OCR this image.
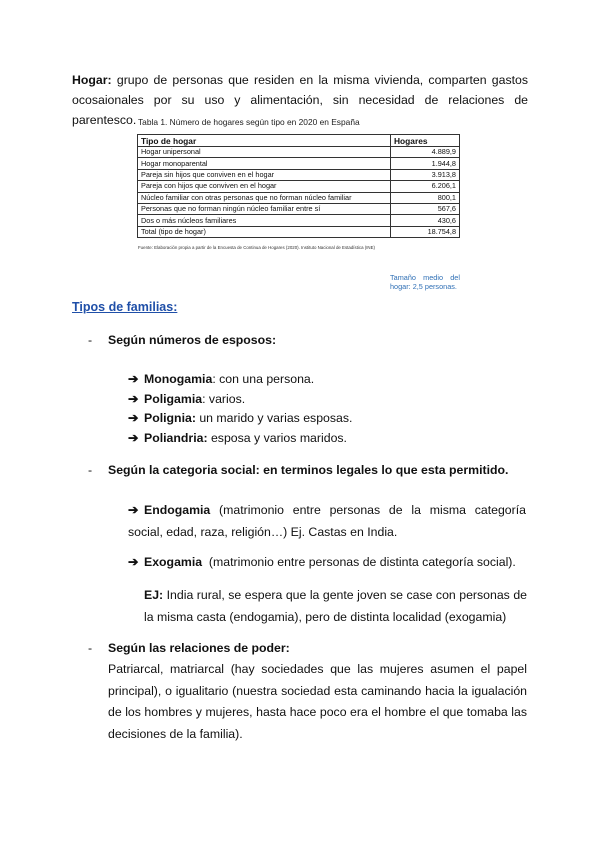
Hogar: grupo de personas que residen en la misma vivienda, comparten gastos ocosaionales por su uso y alimentación, sin necesidad de relaciones de parentesco. Tabla 1. Número de hogares según tipo en 2020 en España
Tipo de hogar	Hogares
Hogar unipersonal	4.889,9
Hogar monoparental	1.944,8
Pareja sin hijos que conviven en el hogar	3.913,8
Pareja con hijos que conviven en el hogar	6.206,1
Núcleo familiar con otras personas que no forman núcleo familiar	800,1
Personas que no forman ningún núcleo familiar entre sí	567,6
Dos o más núcleos familiares	430,6
Total (tipo de hogar)	18.754,8
Fuente: Elaboración propia a partir de la Encuesta de Continua de Hogares (2020). Instituto Nacional de Estadística (INE)
Tamaño medio del hogar: 2,5 personas.
Tipos de familias:
-	Según números de esposos:
➔ Monogamia: con una persona.
➔ Poligamia: varios.
➔ Polignia: un marido y varias esposas.
➔ Poliandria: esposa y varios maridos.
-	Según la categoria social: en terminos legales lo que esta permitido.
➔ Endogamia (matrimonio entre personas de la misma categoría social, edad, raza, religión…) Ej. Castas en India.
➔ Exogamia  (matrimonio entre personas de distinta categoría social).
EJ: India rural, se espera que la gente joven se case con personas de la misma casta (endogamia), pero de distinta localidad (exogamia)
-	Según las relaciones de poder:
Patriarcal, matriarcal (hay sociedades que las mujeres asumen el papel principal), o igualitario (nuestra sociedad esta caminando hacia la igualación de los hombres y mujeres, hasta hace poco era el hombre el que tomaba las decisiones de la familia).
